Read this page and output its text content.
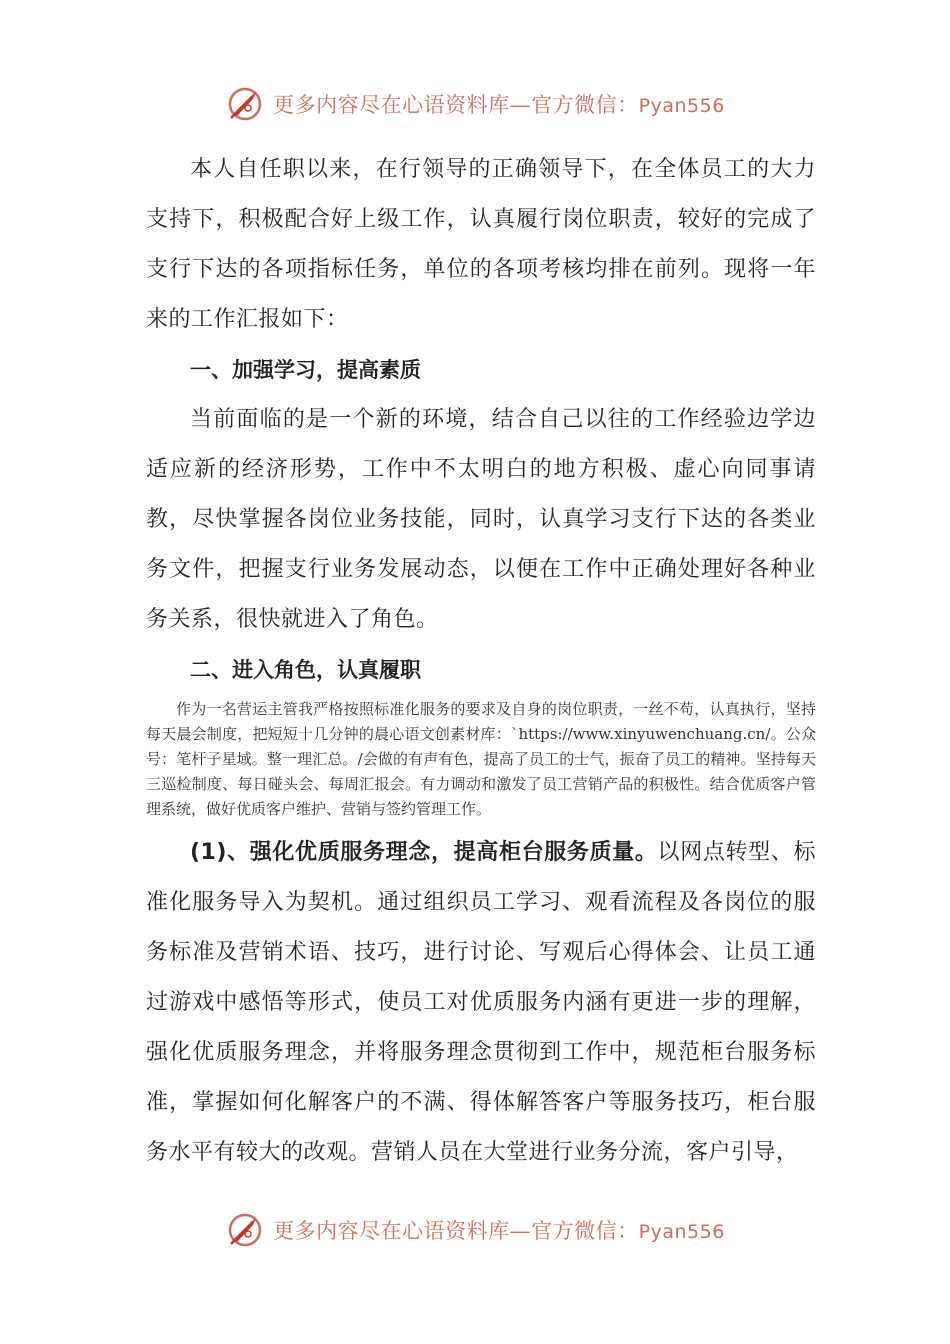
更多内容尽在心语资料库—官方微信：Pyan556

本人自任职以来，在行领导的正确领导下，在全体员工的大力支持下，积极配合好上级工作，认真履行岗位职责，较好的完成了支行下达的各项指标任务，单位的各项考核均排在前列。现将一年来的工作汇报如下：

一、加强学习，提高素质

当前面临的是一个新的环境，结合自己以往的工作经验边学边适应新的经济形势，工作中不太明白的地方积极、虚心向同事请教，尽快掌握各岗位业务技能，同时，认真学习支行下达的各类业务文件，把握支行业务发展动态，以便在工作中正确处理好各种业务关系，很快就进入了角色。

二、进入角色，认真履职

作为一名营运主管我严格按照标准化服务的要求及自身的岗位职责，一丝不苟，认真执行，坚持每天晨会制度，把短短十几分钟的晨心语文创素材库：`https://www.xinyuwenchuang.cn/。公众号：笔杆子星域。整一理汇总。/会做的有声有色，提高了员工的士气，振奋了员工的精神。坚持每天三巡检制度、每日碰头会、每周汇报会。有力调动和激发了员工营销产品的积极性。结合优质客户管理系统，做好优质客户维护、营销与签约管理工作。

(1)、强化优质服务理念，提高柜台服务质量。以网点转型、标准化服务导入为契机。通过组织员工学习、观看流程及各岗位的服务标准及营销术语、技巧，进行讨论、写观后心得体会、让员工通过游戏中感悟等形式，使员工对优质服务内涵有更进一步的理解，强化优质服务理念，并将服务理念贯彻到工作中，规范柜台服务标准，掌握如何化解客户的不满、得体解答客户等服务技巧，柜台服务水平有较大的改观。营销人员在大堂进行业务分流，客户引导，

更多内容尽在心语资料库—官方微信：Pyan556
